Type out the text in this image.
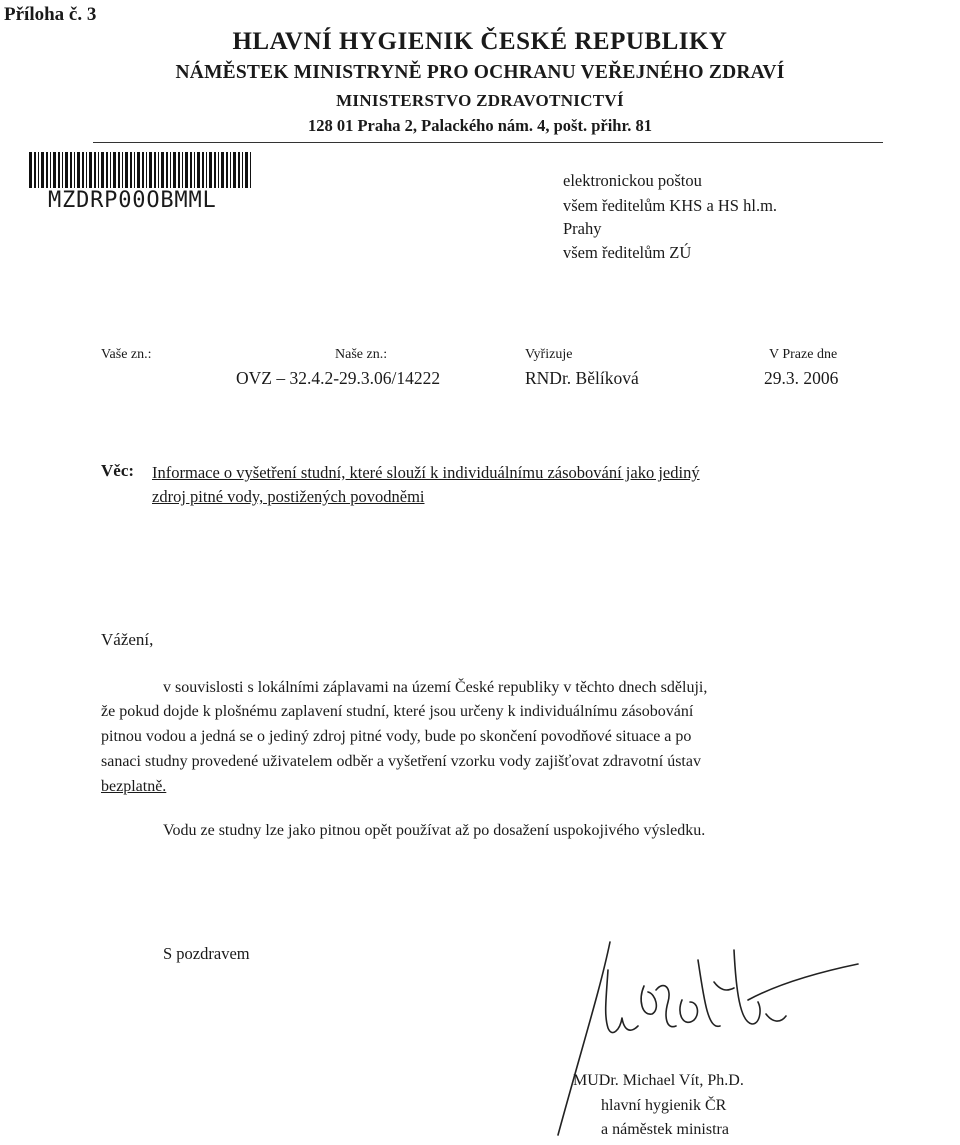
Příloha č. 3
HLAVNÍ HYGIENIK ČESKÉ REPUBLIKY
NÁMĚSTEK MINISTRYNĚ PRO OCHRANU VEŘEJNÉHO ZDRAVÍ
MINISTERSTVO ZDRAVOTNICTVÍ
128 01 Praha 2, Palackého nám. 4, pošt. přihr. 81
MZDRP00OBMML
elektronickou poštou
všem ředitelům KHS a HS hl.m.
Prahy
všem ředitelům ZÚ
Vaše zn.:	Naše zn.:
OVZ – 32.4.2-29.3.06/14222
Vyřizuje
RNDr. Bělíková
V Praze dne
29.3. 2006
Věc: Informace o vyšetření studní, které slouží k individuálnímu zásobování jako jediný
zdroj pitné vody, postižených povodněmi
Vážení,
v souvislosti s lokálními záplavami na území České republiky v těchto dnech sděluji,
že pokud dojde k plošnému zaplavení studní, které jsou určeny k individuálnímu zásobování
pitnou vodou a jedná se o jediný zdroj pitné vody, bude po skončení povodňové situace a po
sanaci studny provedené uživatelem odběr a vyšetření vzorku vody zajišťovat zdravotní ústav
bezplatně.
Vodu ze studny lze jako pitnou opět používat až po dosažení uspokojivého výsledku.
S pozdravem
MUDr. Michael Vít, Ph.D.
hlavní hygienik ČR
a náměstek ministra
